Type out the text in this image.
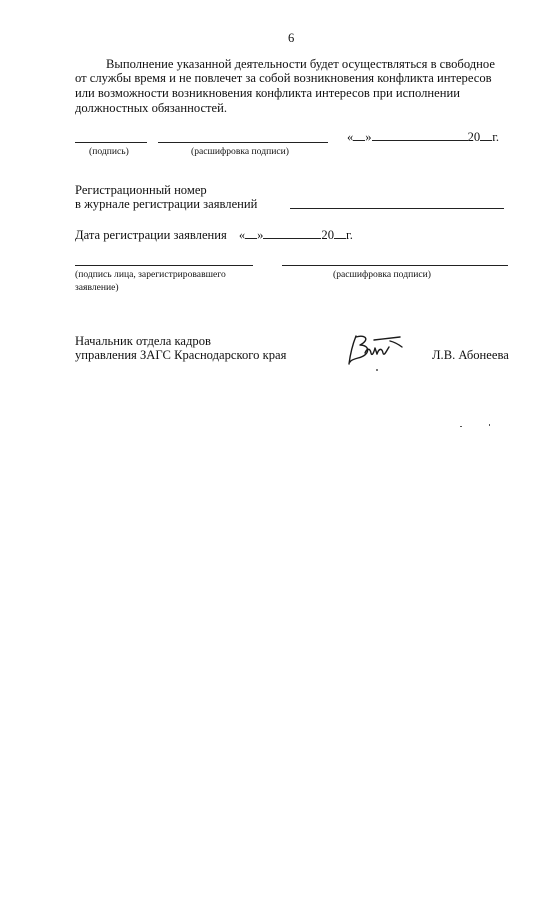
6
Выполнение указанной деятельности будет осуществляться в свободное
от службы время и не повлечет за собой возникновения конфликта интересов
или возможности возникновения конфликта интересов при исполнении
должностных обязанностей.
« »	20 г.
(подпись)	(расшифровка подписи)
Регистрационный номер
в журнале регистрации заявлений
Дата регистрации заявления « »	20 г.
(подпись лица, зарегистрировавшего
заявление)
(расшифровка подписи)
Начальник отдела кадров
управления ЗАГС Краснодарского края	Л.В. Абонеева
